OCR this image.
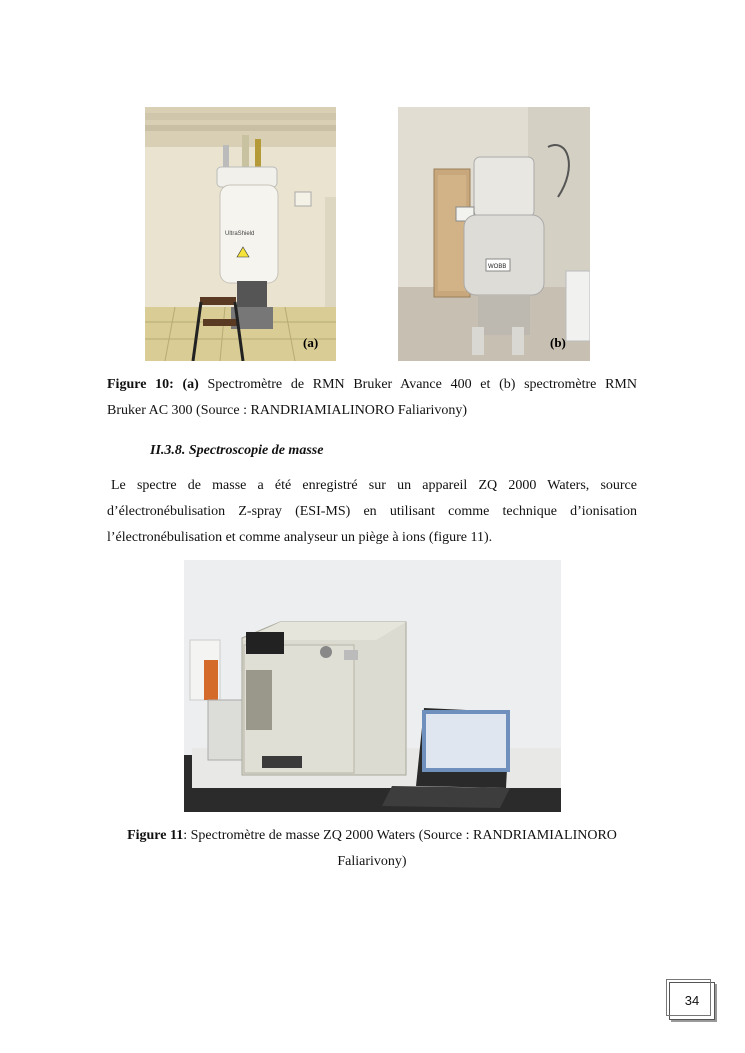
UltraShield
(a)
WOBB
(b)
Figure 10: (a) Spectromètre de RMN Bruker Avance 400 et (b) spectromètre RMN
Bruker AC 300 (Source : RANDRIAMIALINORO Faliarivony)
II.3.8. Spectroscopie de masse
Le spectre de masse a été enregistré sur un appareil ZQ 2000 Waters, source
d’électronébulisation Z-spray (ESI-MS) en utilisant comme technique d’ionisation
l’électronébulisation et comme analyseur un piège à ions (figure 11).
Figure 11: Spectromètre de masse ZQ 2000 Waters (Source : RANDRIAMIALINORO
Faliarivony)
34
